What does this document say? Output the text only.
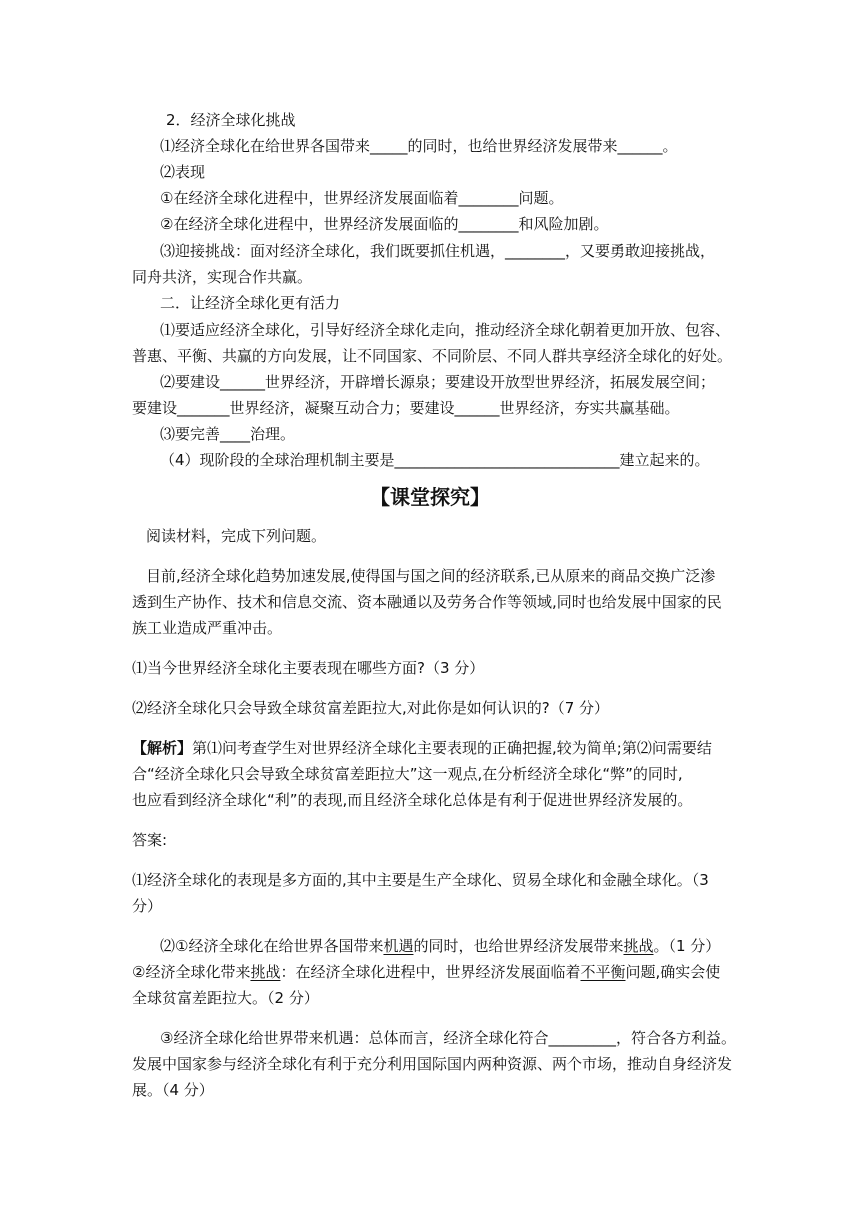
2．经济全球化挑战
⑴经济全球化在给世界各国带来_____的同时，也给世界经济发展带来______。
⑵表现
①在经济全球化进程中，世界经济发展面临着________问题。
②在经济全球化进程中，世界经济发展面临的________和风险加剧。
⑶迎接挑战：面对经济全球化，我们既要抓住机遇，________，又要勇敢迎接挑战，
同舟共济，实现合作共赢。
二．让经济全球化更有活力
⑴要适应经济全球化，引导好经济全球化走向，推动经济全球化朝着更加开放、包容、
普惠、平衡、共赢的方向发展，让不同国家、不同阶层、不同人群共享经济全球化的好处。
⑵要建设______世界经济，开辟增长源泉；要建设开放型世界经济，拓展发展空间；
要建设_______世界经济，凝聚互动合力；要建设______世界经济，夯实共赢基础。
⑶要完善____治理。
（4）现阶段的全球治理机制主要是______________________________建立起来的。
【课堂探究】
阅读材料，完成下列问题。
目前,经济全球化趋势加速发展,使得国与国之间的经济联系,已从原来的商品交换广泛渗
透到生产协作、技术和信息交流、资本融通以及劳务合作等领域,同时也给发展中国家的民
族工业造成严重冲击。
⑴当今世界经济全球化主要表现在哪些方面?（3 分）
⑵经济全球化只会导致全球贫富差距拉大,对此你是如何认识的?（7 分）
【解析】第⑴问考查学生对世界经济全球化主要表现的正确把握,较为简单;第⑵问需要结
合“经济全球化只会导致全球贫富差距拉大”这一观点,在分析经济全球化“弊”的同时,
也应看到经济全球化“利”的表现,而且经济全球化总体是有利于促进世界经济发展的。
答案:
⑴经济全球化的表现是多方面的,其中主要是生产全球化、贸易全球化和金融全球化。（3
分）
⑵①经济全球化在给世界各国带来机遇的同时，也给世界经济发展带来挑战。（1 分）
②经济全球化带来挑战：在经济全球化进程中，世界经济发展面临着不平衡问题,确实会使
全球贫富差距拉大。（2 分）
③经济全球化给世界带来机遇：总体而言，经济全球化符合_________，符合各方利益。
发展中国家参与经济全球化有利于充分利用国际国内两种资源、两个市场，推动自身经济发
展。（4 分）
